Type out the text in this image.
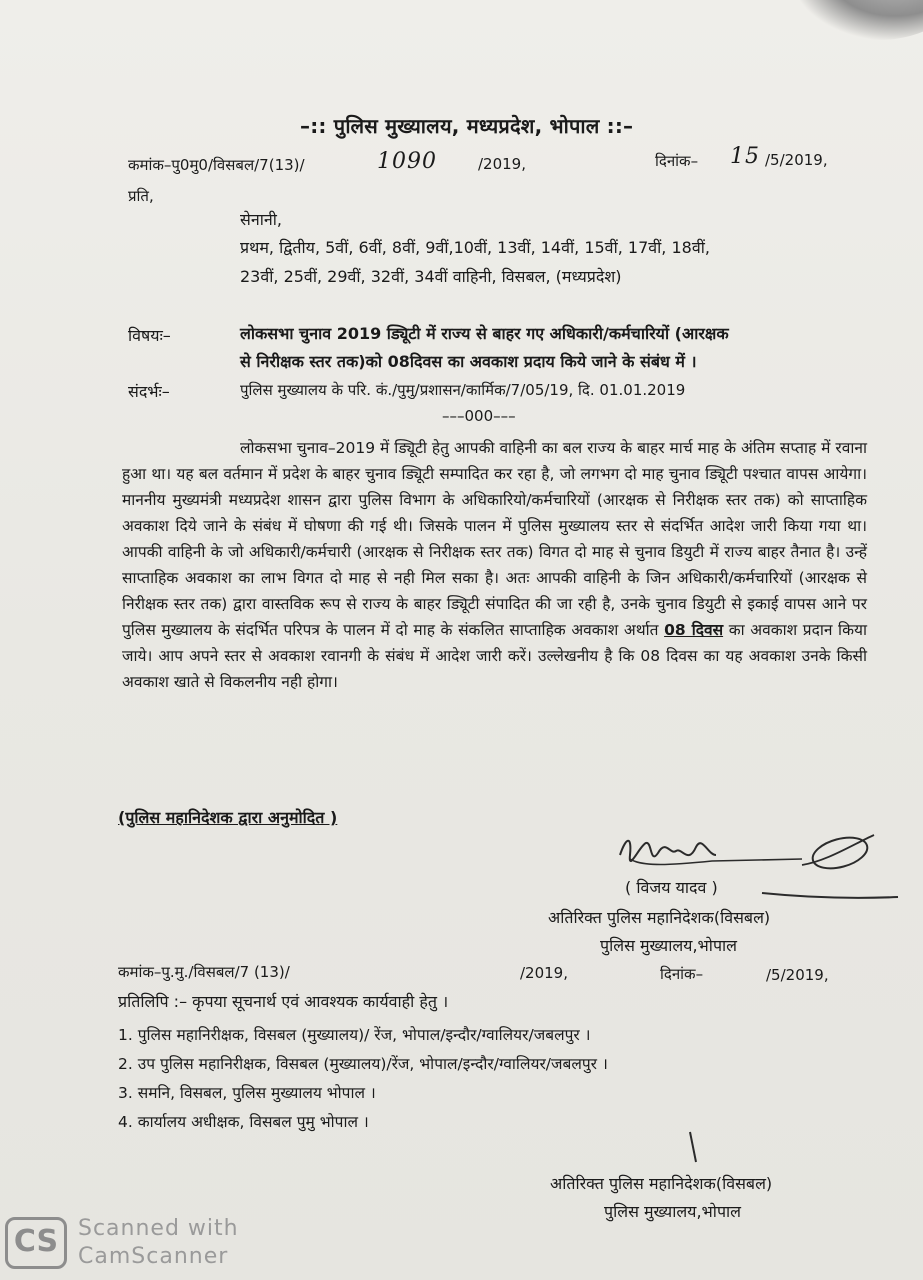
–:: पुलिस मुख्यालय, मध्यप्रदेश, भोपाल ::–
कमांक–पु0मु0/विसबल/7(13)/	1090	/2019,	दिनांक– 15 /5/2019,
प्रति,
सेनानी,
प्रथम, द्वितीय, 5वीं, 6वीं, 8वीं, 9वीं,10वीं, 13वीं, 14वीं, 15वीं, 17वीं, 18वीं,
23वीं, 25वीं, 29वीं, 32वीं, 34वीं वाहिनी, विसबल, (मध्यप्रदेश)
विषयः–	लोकसभा चुनाव 2019 ड्यिूटी में राज्य से बाहर गए अधिकारी/कर्मचारियों (आरक्षक
से निरीक्षक स्तर तक)को 08दिवस का अवकाश प्रदाय किये जाने के संबंध में ।
संदर्भः–	पुलिस मुख्यालय के परि. कं./पुमु/प्रशासन/कार्मिक/7/05/19, दि. 01.01.2019
–––000–––

लोकसभा चुनाव–2019 में ड्यिूटी हेतु आपकी वाहिनी का बल राज्य के बाहर मार्च माह के अंतिम सप्ताह में रवाना हुआ था। यह बल वर्तमान में प्रदेश के बाहर चुनाव ड्यिूटी सम्पादित कर रहा है, जो लगभग दो माह चुनाव ड्यिूटी पश्चात वापस आयेगा। माननीय मुख्यमंत्री मध्यप्रदेश शासन द्वारा पुलिस विभाग के अधिकारियो/कर्मचारियों (आरक्षक से निरीक्षक स्तर तक) को साप्ताहिक अवकाश दिये जाने के संबंध में घोषणा की गई थी। जिसके पालन में पुलिस मुख्यालय स्तर से संदर्भित आदेश जारी किया गया था। आपकी वाहिनी के जो अधिकारी/कर्मचारी (आरक्षक से निरीक्षक स्तर तक) विगत दो माह से चुनाव डियुटी में राज्य बाहर तैनात है। उन्हें साप्ताहिक अवकाश का लाभ विगत दो माह से नही मिल सका है। अतः आपकी वाहिनी के जिन अधिकारी/कर्मचारियों (आरक्षक से निरीक्षक स्तर तक) द्वारा वास्तविक रूप से राज्य के बाहर ड्यिूटी संपादित की जा रही है, उनके चुनाव डियुटी से इकाई वापस आने पर पुलिस मुख्यालय के संदर्भित परिपत्र के पालन में दो माह के संकलित साप्ताहिक अवकाश अर्थात 08 दिवस का अवकाश प्रदान किया जाये। आप अपने स्तर से अवकाश रवानगी के संबंध में आदेश जारी करें। उल्लेखनीय है कि 08 दिवस का यह अवकाश उनके किसी अवकाश खाते से विकलनीय नही होगा।

(पुलिस महानिदेशक द्वारा अनुमोदित )
( विजय यादव )
अतिरिक्त पुलिस महानिदेशक(विसबल)
पुलिस मुख्यालय,भोपाल
कमांक–पु.मु./विसबल/7 (13)/	/2019,	दिनांक–	/5/2019,
प्रतिलिपि :– कृपया सूचनार्थ एवं आवश्यक कार्यवाही हेतु ।
1. पुलिस महानिरीक्षक, विसबल (मुख्यालय)/ रेंज, भोपाल/इन्दौर/ग्वालियर/जबलपुर ।
2. उप पुलिस महानिरीक्षक, विसबल (मुख्यालय)/रेंज, भोपाल/इन्दौर/ग्वालियर/जबलपुर ।
3. समनि, विसबल, पुलिस मुख्यालय भोपाल ।
4. कार्यालय अधीक्षक, विसबल पुमु भोपाल ।
अतिरिक्त पुलिस महानिदेशक(विसबल)
पुलिस मुख्यालय,भोपाल
CS Scanned with
CamScanner
